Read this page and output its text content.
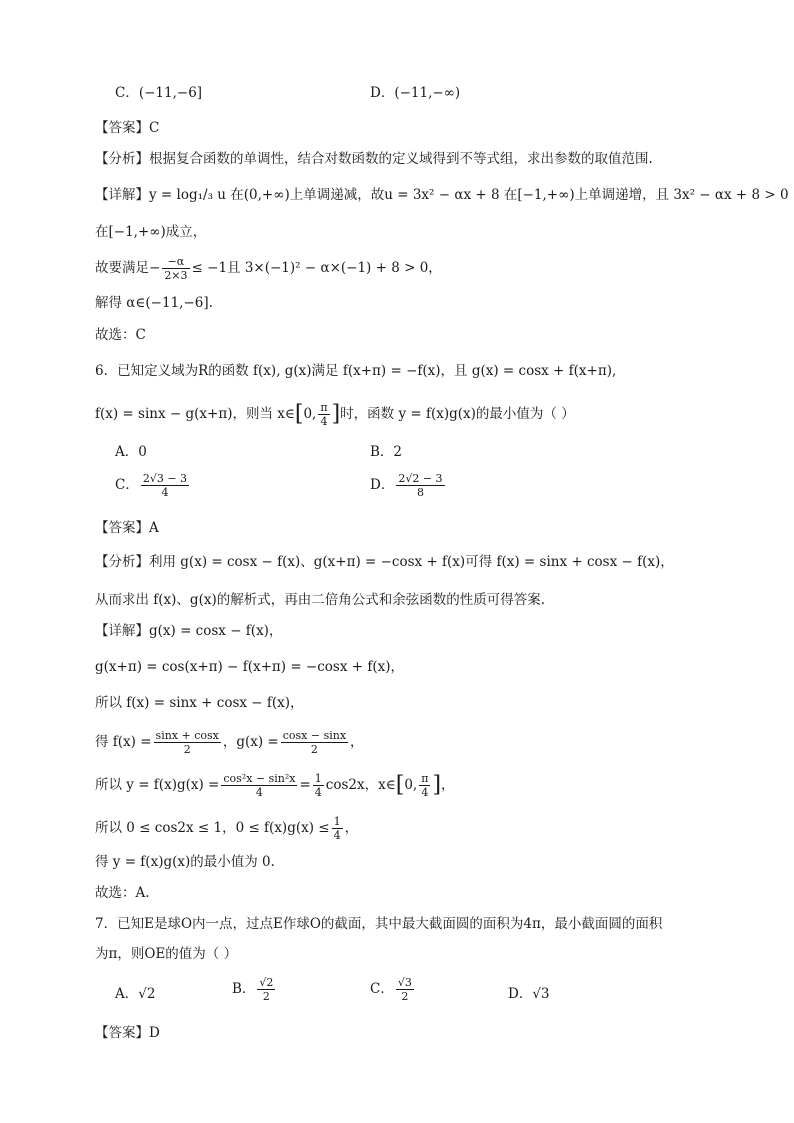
C．(−11,−6]	D．(−11,−∞)
【答案】C
【分析】根据复合函数的单调性，结合对数函数的定义域得到不等式组，求出参数的取值范围.
【详解】y = log₁/₃ u 在(0,+∞)上单调递减，故u = 3x² − αx + 8 在[−1,+∞)上单调递增，且 3x² − αx + 8 > 0
在[−1,+∞)成立，
故要满足− $\frac{-\alpha}{2\times 3} \le -1$且 3×(−1)² − α×(−1) + 8 > 0，
解得 α∈(−11,−6].
故选：C
6．已知定义域为R的函数 f(x), g(x)满足 f(x+π) = −f(x)，且 g(x) = cosx + f(x+π),
f(x) = sinx − g(x+π)，则当 x∈[0, $\frac{\pi}{4}$ ]时，函数 y = f(x)g(x)的最小值为（ ）
A．0	B．2
C． $\frac{2√3 - 3}{4}$	D． $\frac{2√2 - 3}{8}$
【答案】A
【分析】利用 g(x) = cosx − f(x)、g(x+π) = −cosx + f(x)可得 f(x) = sinx + cosx − f(x)，
从而求出 f(x)、g(x)的解析式，再由二倍角公式和余弦函数的性质可得答案.
【详解】g(x) = cosx − f(x)，
g(x+π) = cos(x+π) − f(x+π) = −cosx + f(x)，
所以 f(x) = sinx + cosx − f(x)，
得 $f(x) = \frac{\sin x + \cos x}{2}$ ，$g(x) = \frac{\cos x - \sin x}{2}$ ，
所以 $y = f(x)g(x) = \frac{\text{cos²x − sin²x}}{4} = \frac{1}{4} \cos 2x$，x∈[0, $\frac{\pi}{4}$ ]，
所以 0 ≤ cos2x ≤ 1，$0 \le f(x)g(x) \le \frac{1}{4}$ ，
得 y = f(x)g(x)的最小值为 0.
故选：A.
7．已知E是球O内一点，过点E作球O的截面，其中最大截面圆的面积为4π，最小截面圆的面积
为π，则OE的值为（ ）
A．√2	B． $\frac{√2}{2}$	C． $\frac{√3}{2}$	D．√3
【答案】D
